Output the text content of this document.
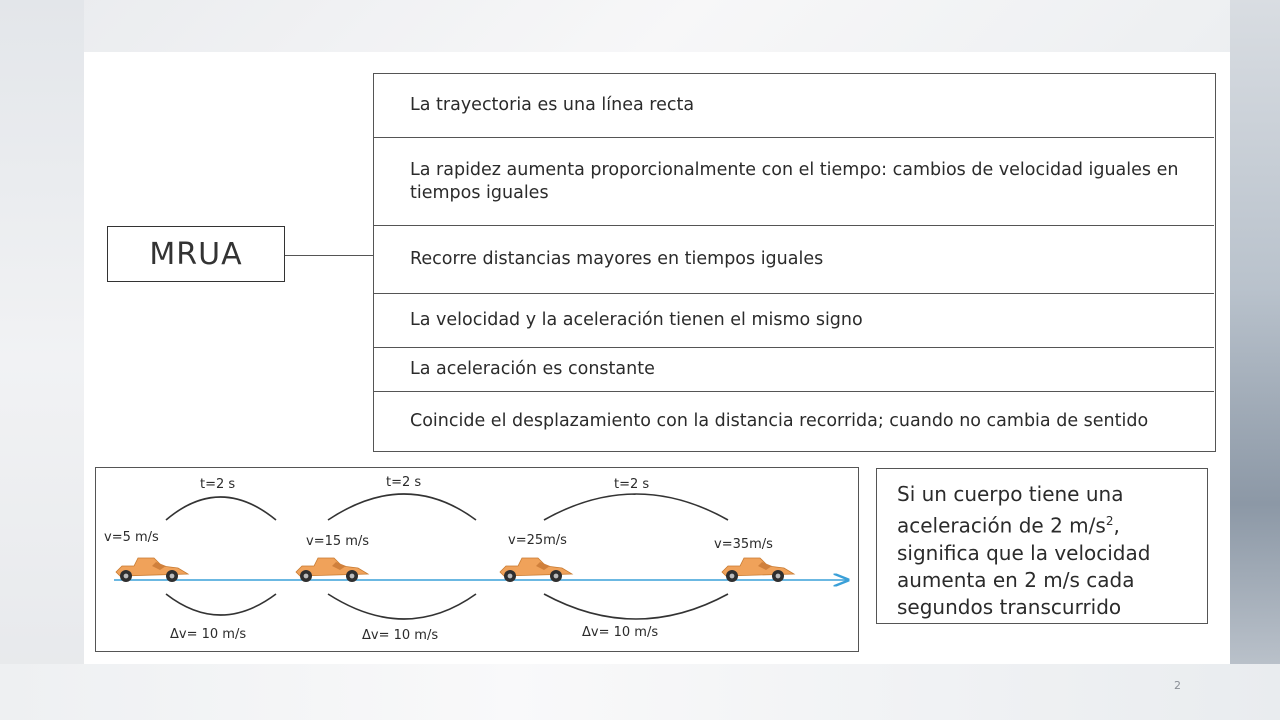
MRUA
La trayectoria es una línea recta
La rapidez aumenta proporcionalmente con el tiempo: cambios de velocidad iguales en tiempos iguales
Recorre distancias mayores en tiempos iguales
La velocidad y la aceleración tienen el mismo signo
La aceleración es constante
Coincide el desplazamiento con la distancia recorrida; cuando no cambia de sentido
t=2 s	t=2 s	t=2 s
v=5 m/s	v=15 m/s	v=25m/s	v=35m/s
Δv= 10 m/s	Δv= 10 m/s	Δv= 10 m/s
Si un cuerpo tiene una aceleración de 2 $m/s^2$, significa que la velocidad aumenta en 2 m/s cada segundos transcurrido
2
